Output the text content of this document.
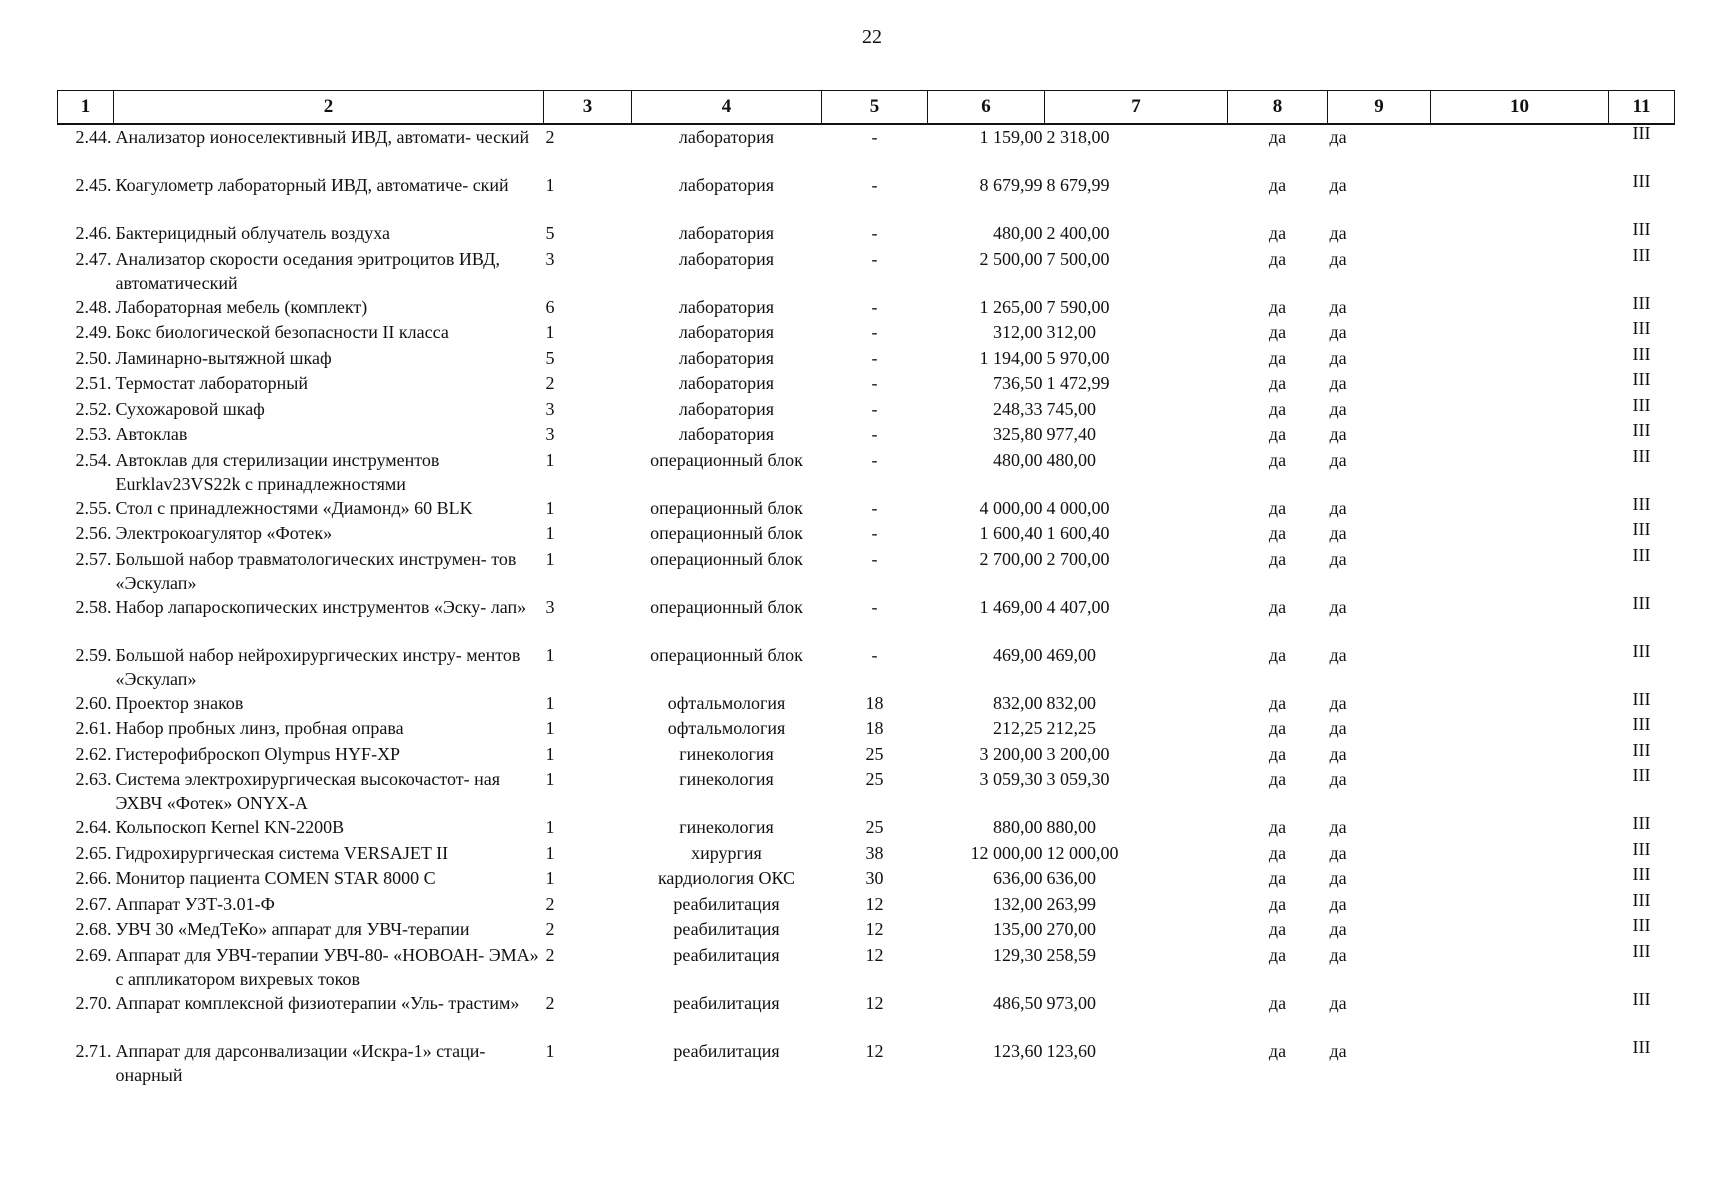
22
1	2	3	4	5	6	7	8	9	10	11
2.44.	Анализатор ионоселективный ИВД, автомати- ческий	2	лаборатория	-	1 159,00	2 318,00	да	да		III
2.45.	Коагулометр лабораторный ИВД, автоматиче- ский	1	лаборатория	-	8 679,99	8 679,99	да	да		III
2.46.	Бактерицидный облучатель воздуха	5	лаборатория	-	480,00	2 400,00	да	да		III
2.47.	Анализатор скорости оседания эритроцитов ИВД, автоматический	3	лаборатория	-	2 500,00	7 500,00	да	да		III
2.48.	Лабораторная мебель (комплект)	6	лаборатория	-	1 265,00	7 590,00	да	да		III
2.49.	Бокс биологической безопасности II класса	1	лаборатория	-	312,00	312,00	да	да		III
2.50.	Ламинарно-вытяжной шкаф	5	лаборатория	-	1 194,00	5 970,00	да	да		III
2.51.	Термостат лабораторный	2	лаборатория	-	736,50	1 472,99	да	да		III
2.52.	Сухожаровой шкаф	3	лаборатория	-	248,33	745,00	да	да		III
2.53.	Автоклав	3	лаборатория	-	325,80	977,40	да	да		III
2.54.	Автоклав для стерилизации инструментов Eurklav23VS22k с принадлежностями	1	операционный блок	-	480,00	480,00	да	да		III
2.55.	Стол с принадлежностями «Диамонд» 60 BLK	1	операционный блок	-	4 000,00	4 000,00	да	да		III
2.56.	Электрокоагулятор «Фотек»	1	операционный блок	-	1 600,40	1 600,40	да	да		III
2.57.	Большой набор травматологических инструмен- тов «Эскулап»	1	операционный блок	-	2 700,00	2 700,00	да	да		III
2.58.	Набор лапароскопических инструментов «Эску- лап»	3	операционный блок	-	1 469,00	4 407,00	да	да		III
2.59.	Большой набор нейрохирургических инстру- ментов «Эскулап»	1	операционный блок	-	469,00	469,00	да	да		III
2.60.	Проектор знаков	1	офтальмология	18	832,00	832,00	да	да		III
2.61.	Набор пробных линз, пробная оправа	1	офтальмология	18	212,25	212,25	да	да		III
2.62.	Гистерофиброскоп Olympus HYF-XP	1	гинекология	25	3 200,00	3 200,00	да	да		III
2.63.	Система электрохирургическая высокочастот- ная ЭХВЧ «Фотек» ONYX-A	1	гинекология	25	3 059,30	3 059,30	да	да		III
2.64.	Кольпоскоп Kernel KN-2200B	1	гинекология	25	880,00	880,00	да	да		III
2.65.	Гидрохирургическая система VERSAJET II	1	хирургия	38	12 000,00	12 000,00	да	да		III
2.66.	Монитор пациента COMEN STAR 8000 C	1	кардиология ОКС	30	636,00	636,00	да	да		III
2.67.	Аппарат УЗТ-3.01-Ф	2	реабилитация	12	132,00	263,99	да	да		III
2.68.	УВЧ 30 «МедТеКо» аппарат для УВЧ-терапии	2	реабилитация	12	135,00	270,00	да	да		III
2.69.	Аппарат для УВЧ-терапии УВЧ-80- «НОВОАН- ЭМА» с аппликатором вихревых токов	2	реабилитация	12	129,30	258,59	да	да		III
2.70.	Аппарат комплексной физиотерапии «Уль- трастим»	2	реабилитация	12	486,50	973,00	да	да		III
2.71.	Аппарат для дарсонвализации «Искра-1» стаци- онарный	1	реабилитация	12	123,60	123,60	да	да		III
